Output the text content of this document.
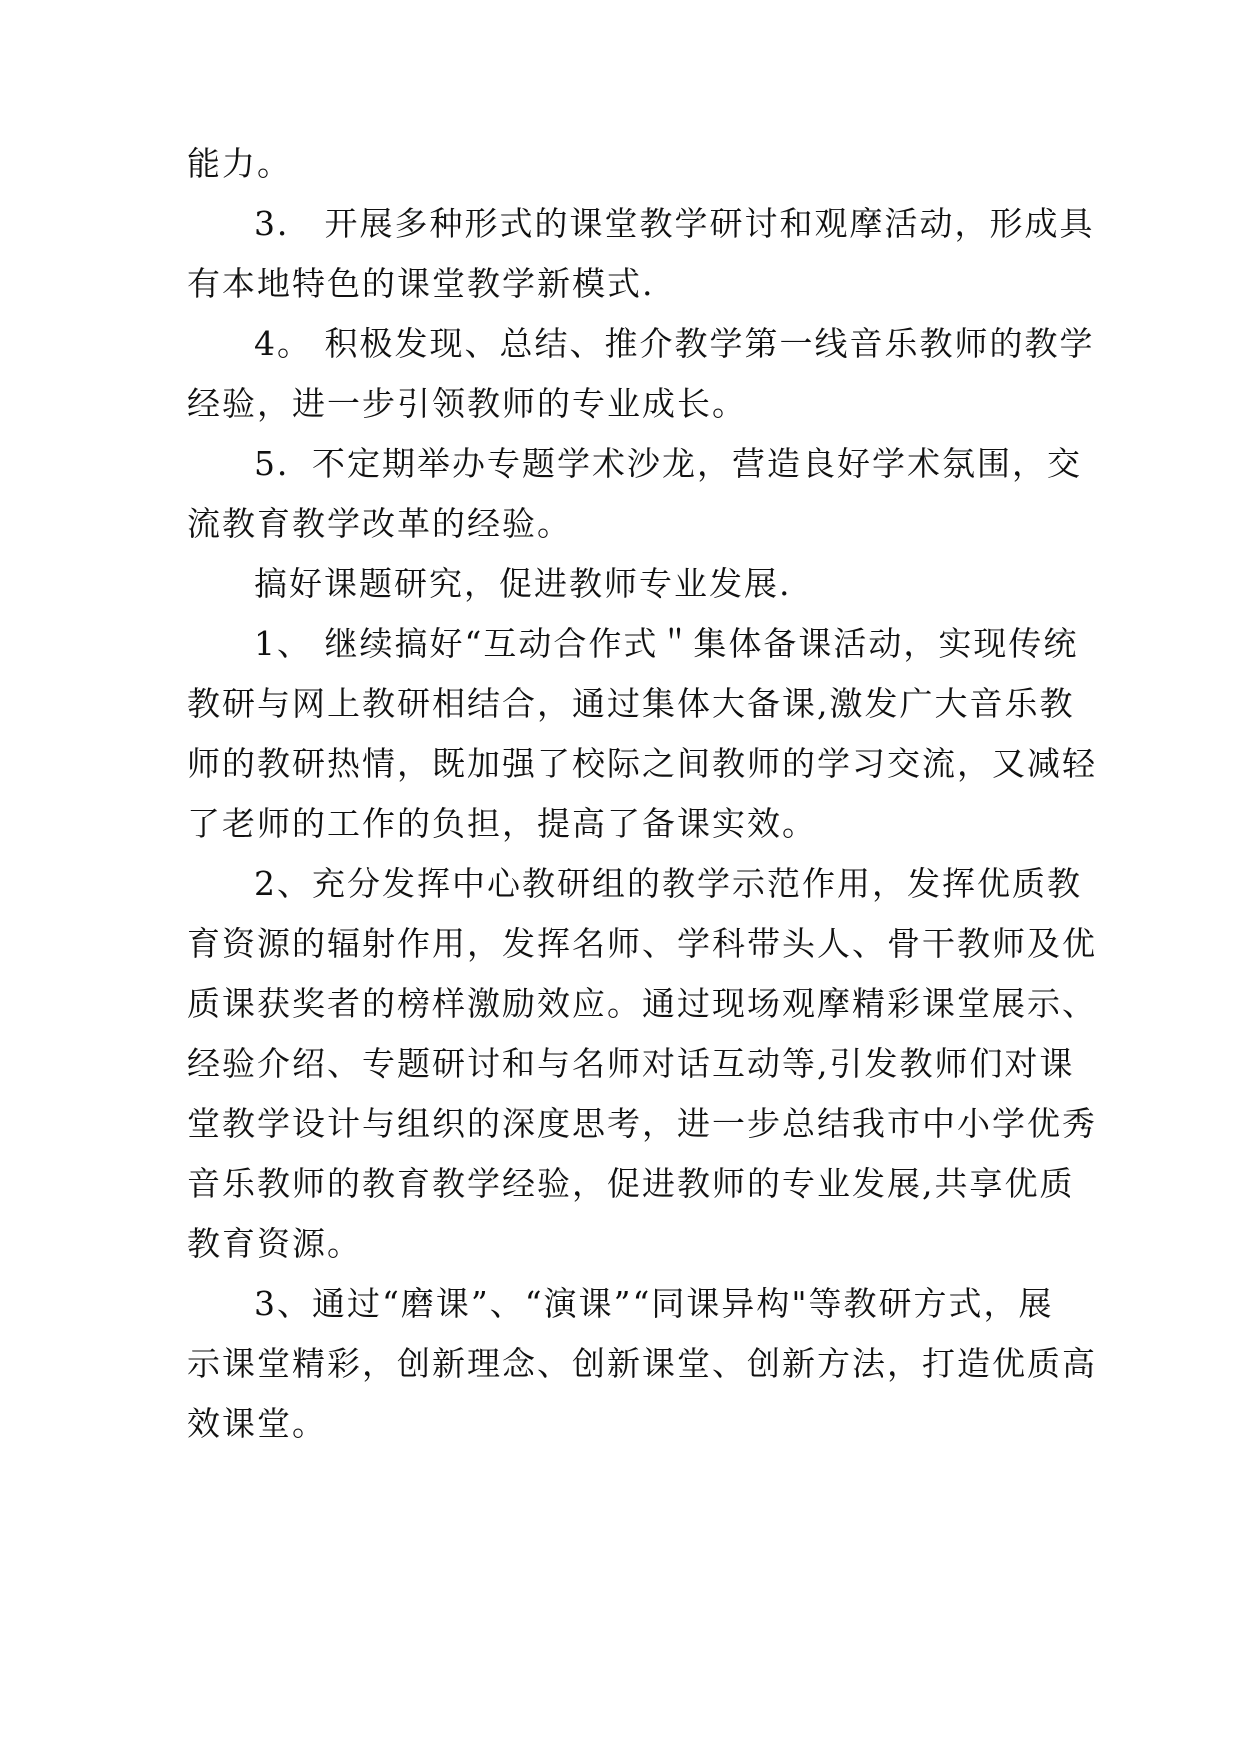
能力。
3． 开展多种形式的课堂教学研讨和观摩活动，形成具
有本地特色的课堂教学新模式.
4。 积极发现、总结、推介教学第一线音乐教师的教学
经验，进一步引领教师的专业成长。
5．不定期举办专题学术沙龙，营造良好学术氛围，交
流教育教学改革的经验。
搞好课题研究，促进教师专业发展.
1、 继续搞好“互动合作式＂集体备课活动，实现传统
教研与网上教研相结合，通过集体大备课,激发广大音乐教
师的教研热情，既加强了校际之间教师的学习交流，又减轻
了老师的工作的负担，提高了备课实效。
2、充分发挥中心教研组的教学示范作用，发挥优质教
育资源的辐射作用，发挥名师、学科带头人、骨干教师及优
质课获奖者的榜样激励效应。通过现场观摩精彩课堂展示、
经验介绍、专题研讨和与名师对话互动等,引发教师们对课
堂教学设计与组织的深度思考，进一步总结我市中小学优秀
音乐教师的教育教学经验，促进教师的专业发展,共享优质
教育资源。
3、通过“磨课”、“演课”“同课异构"等教研方式，展
示课堂精彩，创新理念、创新课堂、创新方法，打造优质高
效课堂。
